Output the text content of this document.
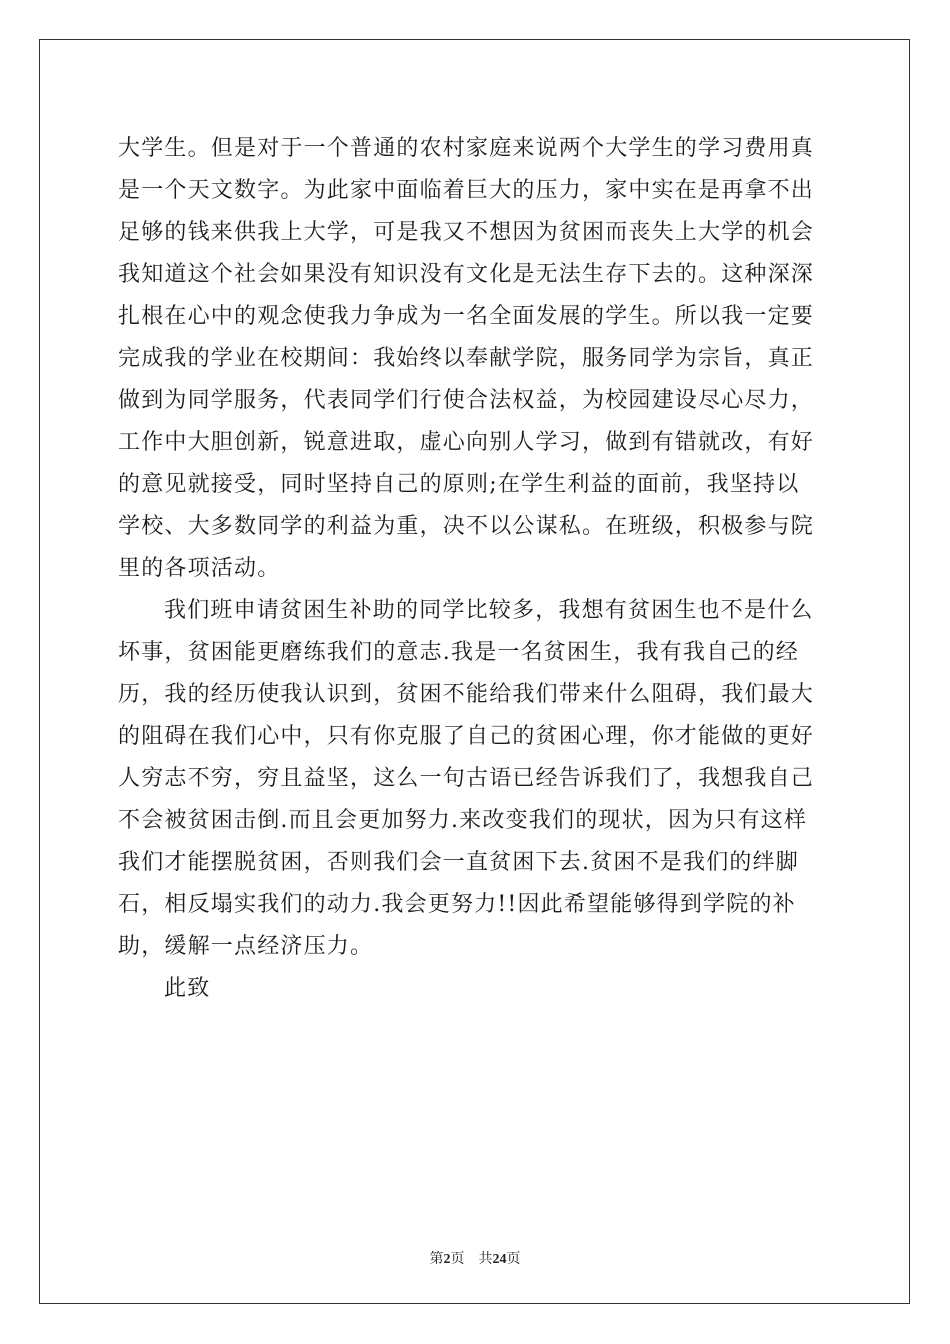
大学生。但是对于一个普通的农村家庭来说两个大学生的学习费用真
是一个天文数字。为此家中面临着巨大的压力，家中实在是再拿不出
足够的钱来供我上大学，可是我又不想因为贫困而丧失上大学的机会
我知道这个社会如果没有知识没有文化是无法生存下去的。这种深深
扎根在心中的观念使我力争成为一名全面发展的学生。所以我一定要
完成我的学业在校期间：我始终以奉献学院，服务同学为宗旨，真正
做到为同学服务，代表同学们行使合法权益，为校园建设尽心尽力，
工作中大胆创新，锐意进取，虚心向别人学习，做到有错就改，有好
的意见就接受，同时坚持自己的原则;在学生利益的面前，我坚持以
学校、大多数同学的利益为重，决不以公谋私。在班级，积极参与院
里的各项活动。
我们班申请贫困生补助的同学比较多，我想有贫困生也不是什么
坏事，贫困能更磨练我们的意志.我是一名贫困生，我有我自己的经
历，我的经历使我认识到，贫困不能给我们带来什么阻碍，我们最大
的阻碍在我们心中，只有你克服了自己的贫困心理，你才能做的更好
人穷志不穷，穷且益坚，这么一句古语已经告诉我们了，我想我自己
不会被贫困击倒.而且会更加努力.来改变我们的现状，因为只有这样
我们才能摆脱贫困，否则我们会一直贫困下去.贫困不是我们的绊脚
石，相反塌实我们的动力.我会更努力!!因此希望能够得到学院的补
助，缓解一点经济压力。
此致
第2页 共24页
